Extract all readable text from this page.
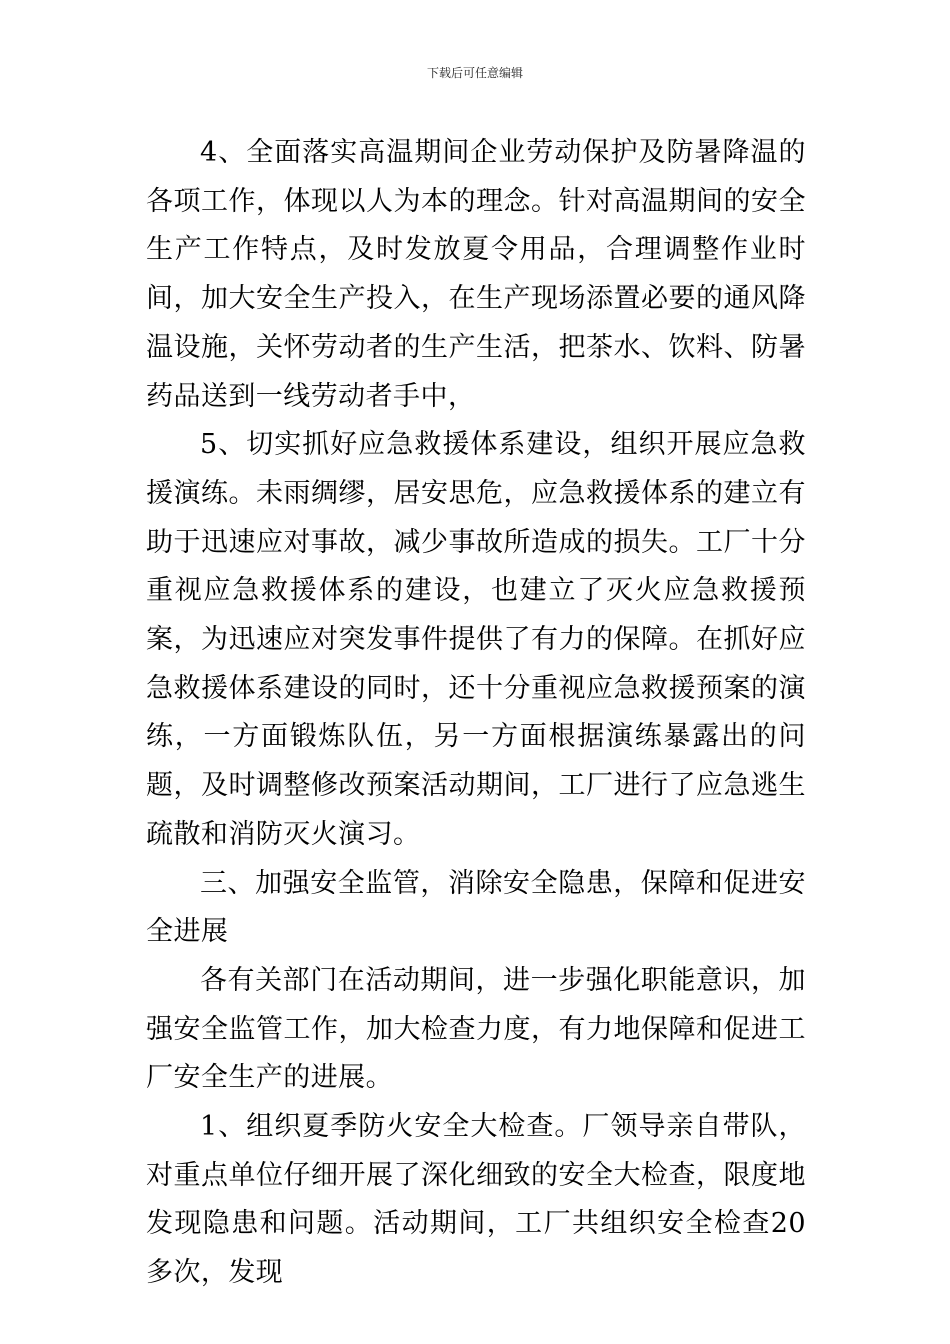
下载后可任意编辑

4、全面落实高温期间企业劳动保护及防暑降温的各项工作，体现以人为本的理念。针对高温期间的安全生产工作特点，及时发放夏令用品，合理调整作业时间，加大安全生产投入，在生产现场添置必要的通风降温设施，关怀劳动者的生产生活，把茶水、饮料、防暑药品送到一线劳动者手中，

5、切实抓好应急救援体系建设，组织开展应急救援演练。未雨绸缪，居安思危，应急救援体系的建立有助于迅速应对事故，减少事故所造成的损失。工厂十分重视应急救援体系的建设，也建立了灭火应急救援预案，为迅速应对突发事件提供了有力的保障。在抓好应急救援体系建设的同时，还十分重视应急救援预案的演练，一方面锻炼队伍，另一方面根据演练暴露出的问题，及时调整修改预案活动期间，工厂进行了应急逃生疏散和消防灭火演习。

三、加强安全监管，消除安全隐患，保障和促进安全进展

各有关部门在活动期间，进一步强化职能意识，加强安全监管工作，加大检查力度，有力地保障和促进工厂安全生产的进展。

1、组织夏季防火安全大检查。厂领导亲自带队，对重点单位仔细开展了深化细致的安全大检查，限度地发现隐患和问题。活动期间，工厂共组织安全检查20多次，发现
